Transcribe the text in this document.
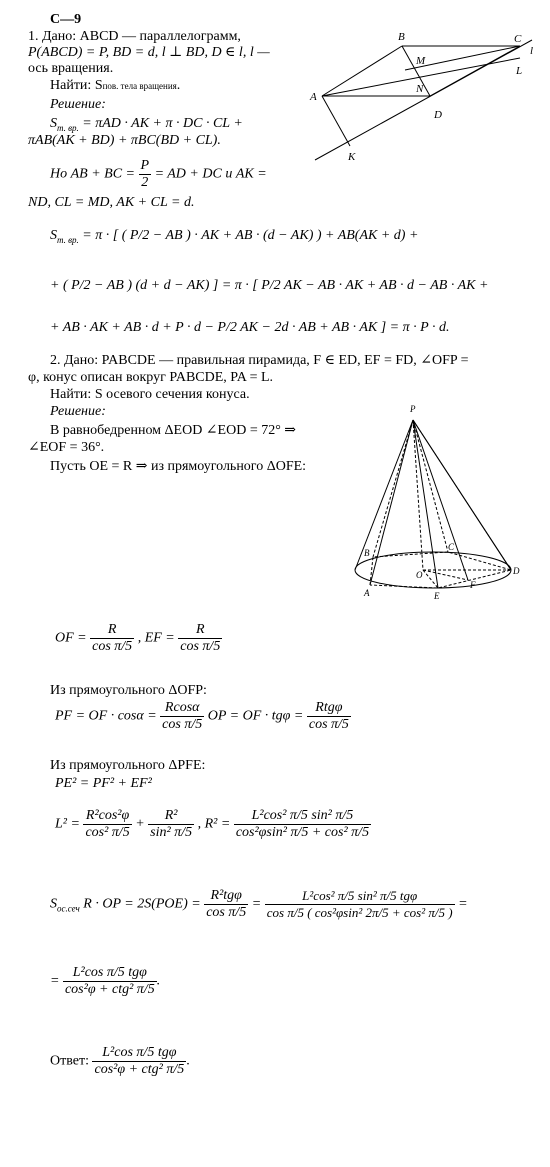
C—9
1. Дано: ABCD — параллелограмм,
P(ABCD) = P, BD = d, l ⊥ BD, D ∈ l, l —
ось вращения.
Найти: Sпов. тела вращения.
Решение:
$S_{т. вр.} = \pi AD$ · AK + π · DC · CL +
πAB(AK + BD) + πBC(BD + CL).
Но AB + BC = $\frac{P}{2}$ = AD + DC и AK =
ND, CL = MD, AK + CL = d.
$S_{т. вр.} = \pi$ · [ ( P/2 − AB ) · AK + AB · (d − AK) ) + AB(AK + d) +
+ ( P/2 − AB ) (d + d − AK) ] = π · [ P/2 AK − AB · AK + AB · d − AB · AK +
+ AB · AK + AB · d + P · d − P/2 AK − 2d · AB + AB · AK ] = π · P · d.
B	C
l
L
M
A
N
D
K
2. Дано: PABCDE — правильная пирамида, F ∈ ED, EF = FD, ∠OFP =
φ, конус описан вокруг PABCDE, PA = L.
Найти: S осевого сечения конуса.
Решение:
В равнобедренном ΔEOD ∠EOD = 72° ⇒
∠EOF = 36°.
Пусть OE = R ⇒ из прямоугольного ΔOFE:
P
B
C
O	D
A
F
E
OF = $\frac{R}{\text{cos π/5}}$ , EF = $\frac{R}{\text{cos π/5}}$
Из прямоугольного ΔOFP:
PF = OF · $\cos\alpha = \frac{Rcos\alpha}{\text{cos π/5}}$ OP = OF · $tg\varphi = \frac{\text{Rtgφ}}{\text{cos π/5}}$
Из прямоугольного ΔPFE:
PE² = PF² + EF²
$L^2 = \frac{\text{R²cos²φ}}{\text{cos² π/5}} + \frac{\text{R²}}{\text{sin² π/5}}$ , $R^2 = \frac{\text{L²cos² π/5 sin² π/5}}{\text{cos²φsin² π/5 + cos² π/5}}$
$S_{ос.сеч}$ R · OP = $2S(POE) = \frac{\text{R²tgφ}}{\text{cos π/5}} = \frac{\text{L²cos² π/5 sin² π/5 tgφ}}{\text{cos π/5 ( cos²φsin² 2π/5 + cos² π/5 )}}$ =
= $\frac{\text{L²cos π/5 tgφ}}{\text{cos²φ + ctg² π/5}}$ .
Ответ: $\frac{\text{L²cos π/5 tgφ}}{\text{cos²φ + ctg² π/5}}$ .
